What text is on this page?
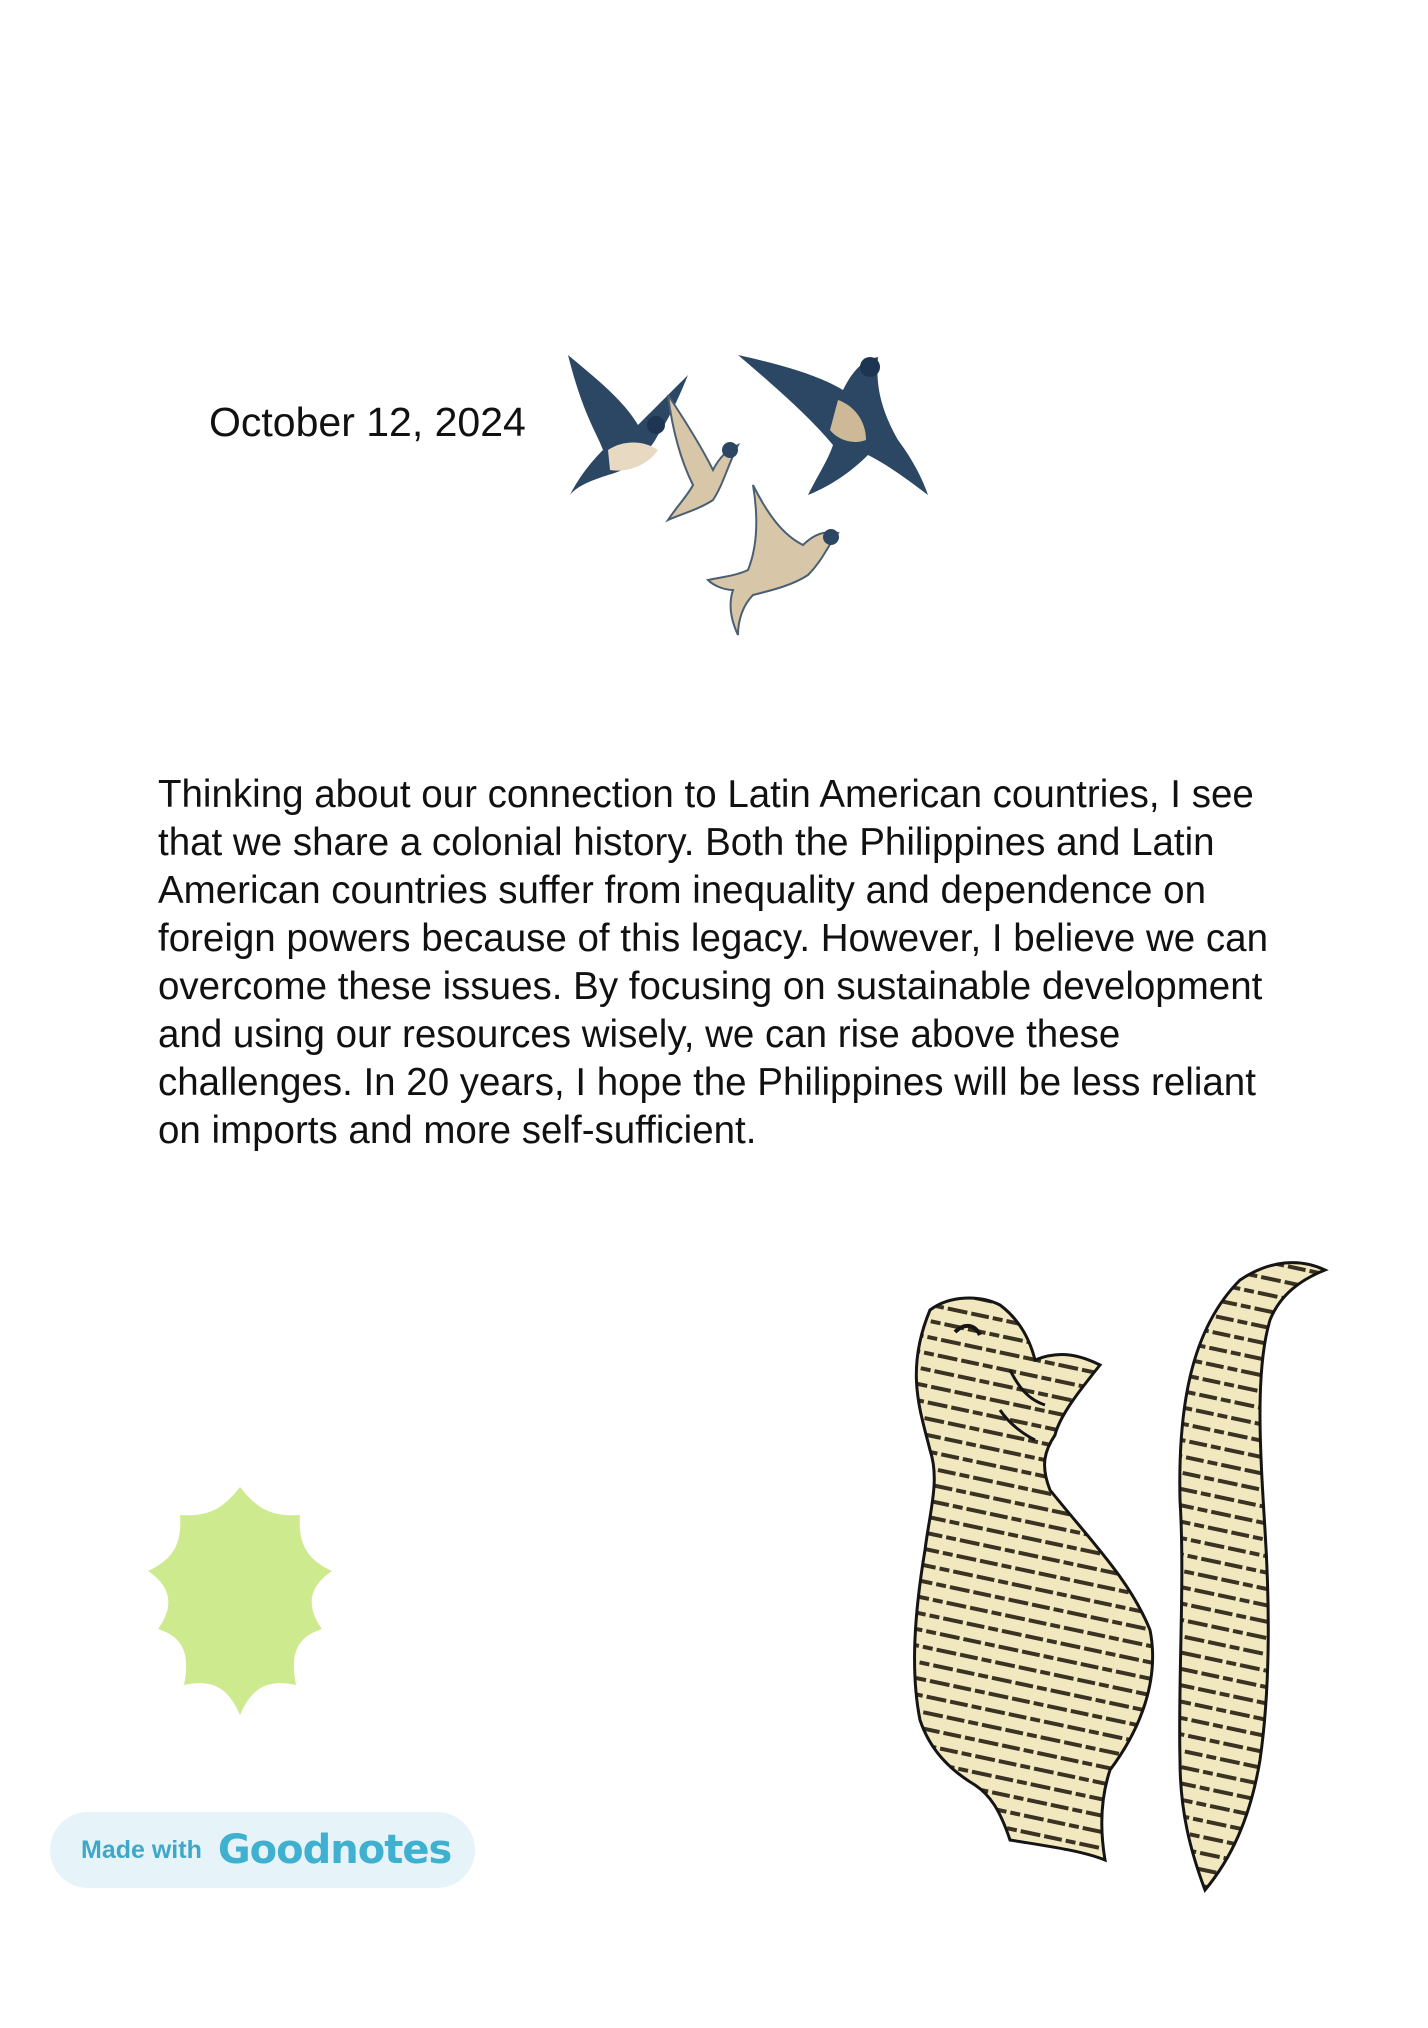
October 12, 2024

Thinking about our connection to Latin American countries, I see that we share a colonial history. Both the Philippines and Latin American countries suffer from inequality and dependence on foreign powers because of this legacy. However, I believe we can overcome these issues. By focusing on sustainable development and using our resources wisely, we can rise above these challenges. In 20 years, I hope the Philippines will be less reliant on imports and more self-sufficient.

Made with Goodnotes
